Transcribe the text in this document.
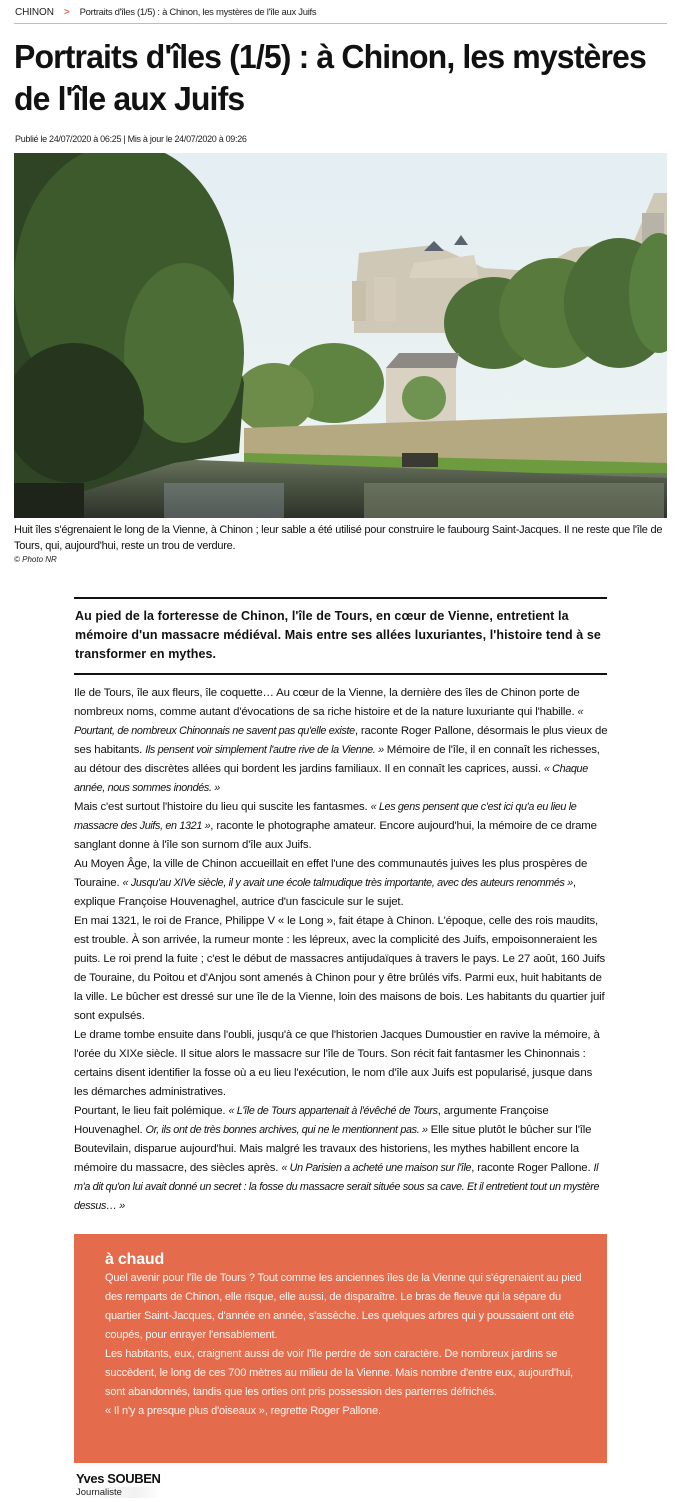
CHINON > Portraits d'îles (1/5) : à Chinon, les mystères de l'île aux Juifs
Portraits d'îles (1/5) : à Chinon, les mystères de l'île aux Juifs
Publié le 24/07/2020 à 06:25 | Mis à jour le 24/07/2020 à 09:26

Huit îles s'égrenaient le long de la Vienne, à Chinon ; leur sable a été utilisé pour construire le faubourg Saint-Jacques. Il ne reste que l'île de Tours, qui, aujourd'hui, reste un trou de verdure.

© Photo NR

Au pied de la forteresse de Chinon, l'île de Tours, en cœur de Vienne, entretient la mémoire d'un massacre médiéval. Mais entre ses allées luxuriantes, l'histoire tend à se transformer en mythes.

Ile de Tours, île aux fleurs, île coquette… Au cœur de la Vienne, la dernière des îles de Chinon porte de nombreux noms, comme autant d'évocations de sa riche histoire et de la nature luxuriante qui l'habille. « Pourtant, de nombreux Chinonnais ne savent pas qu'elle existe, raconte Roger Pallone, désormais le plus vieux de ses habitants. Ils pensent voir simplement l'autre rive de la Vienne. » Mémoire de l'île, il en connaît les richesses, au détour des discrètes allées qui bordent les jardins familiaux. Il en connaît les caprices, aussi. « Chaque année, nous sommes inondés. »

Mais c'est surtout l'histoire du lieu qui suscite les fantasmes. « Les gens pensent que c'est ici qu'a eu lieu le massacre des Juifs, en 1321 », raconte le photographe amateur. Encore aujourd'hui, la mémoire de ce drame sanglant donne à l'île son surnom d'île aux Juifs.

Au Moyen Âge, la ville de Chinon accueillait en effet l'une des communautés juives les plus prospères de Touraine. « Jusqu'au XIVe siècle, il y avait une école talmudique très importante, avec des auteurs renommés », explique Françoise Houvenaghel, autrice d'un fascicule sur le sujet.

En mai 1321, le roi de France, Philippe V « le Long », fait étape à Chinon. L'époque, celle des rois maudits, est trouble. À son arrivée, la rumeur monte : les lépreux, avec la complicité des Juifs, empoisonneraient les puits. Le roi prend la fuite ; c'est le début de massacres antijudaïques à travers le pays. Le 27 août, 160 Juifs de Touraine, du Poitou et d'Anjou sont amenés à Chinon pour y être brûlés vifs. Parmi eux, huit habitants de la ville. Le bûcher est dressé sur une île de la Vienne, loin des maisons de bois. Les habitants du quartier juif sont expulsés.

Le drame tombe ensuite dans l'oubli, jusqu'à ce que l'historien Jacques Dumoustier en ravive la mémoire, à l'orée du XIXe siècle. Il situe alors le massacre sur l'île de Tours. Son récit fait fantasmer les Chinonnais : certains disent identifier la fosse où a eu lieu l'exécution, le nom d'île aux Juifs est popularisé, jusque dans les démarches administratives.

Pourtant, le lieu fait polémique. « L'île de Tours appartenait à l'évêché de Tours, argumente Françoise Houvenaghel. Or, ils ont de très bonnes archives, qui ne le mentionnent pas. » Elle situe plutôt le bûcher sur l'île Boutevilain, disparue aujourd'hui. Mais malgré les travaux des historiens, les mythes habillent encore la mémoire du massacre, des siècles après. « Un Parisien a acheté une maison sur l'île, raconte Roger Pallone. Il m'a dit qu'on lui avait donné un secret : la fosse du massacre serait située sous sa cave. Et il entretient tout un mystère dessus… »

à chaud

Quel avenir pour l'île de Tours ? Tout comme les anciennes îles de la Vienne qui s'égrenaient au pied des remparts de Chinon, elle risque, elle aussi, de disparaître. Le bras de fleuve qui la sépare du quartier Saint-Jacques, d'année en année, s'assèche. Les quelques arbres qui y poussaient ont été coupés, pour enrayer l'ensablement.

Les habitants, eux, craignent aussi de voir l'île perdre de son caractère. De nombreux jardins se succèdent, le long de ces 700 mètres au milieu de la Vienne. Mais nombre d'entre eux, aujourd'hui, sont abandonnés, tandis que les orties ont pris possession des parterres défrichés.

« Il n'y a presque plus d'oiseaux », regrette Roger Pallone.

Yves SOUBEN
Journaliste
